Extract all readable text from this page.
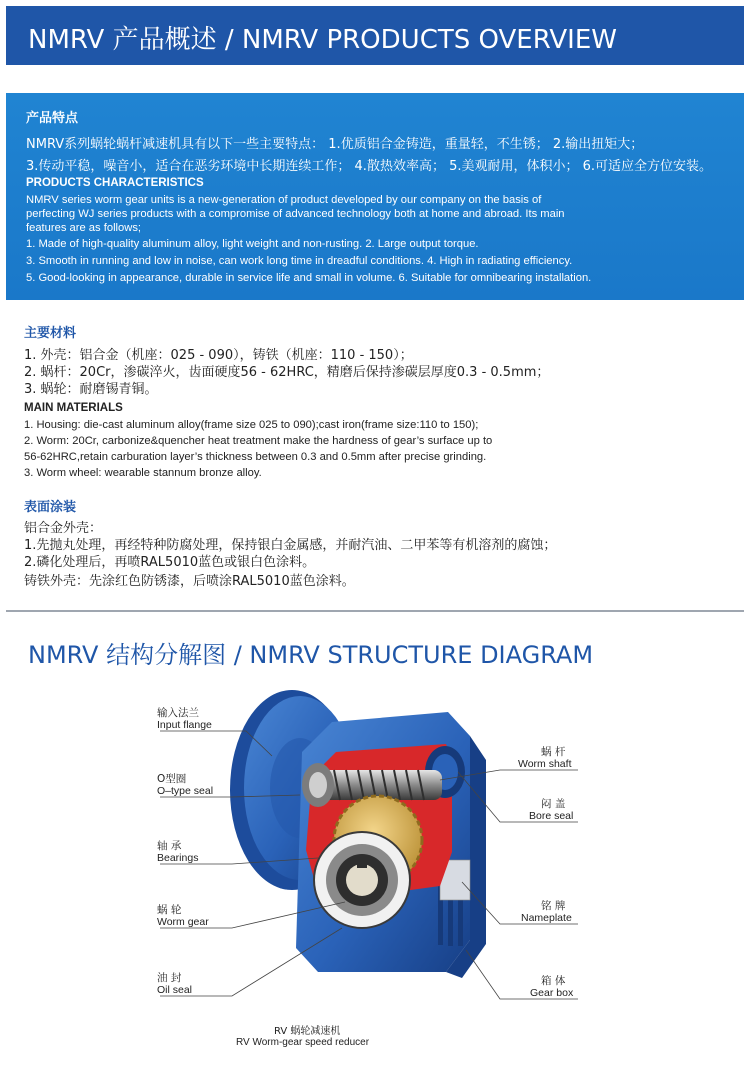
NMRV 产品概述 / NMRV PRODUCTS OVERVIEW
产品特点
NMRV系列蜗轮蜗杆减速机具有以下一些主要特点： 1.优质铝合金铸造，重量轻，不生锈； 2.输出扭矩大；
3.传动平稳，噪音小，适合在恶劣环境中长期连续工作； 4.散热效率高； 5.美观耐用，体积小； 6.可适应全方位安装。
PRODUCTS CHARACTERISTICS
NMRV series worm gear units is a new-generation of product developed by our company on the basis of
perfecting WJ series products with a compromise of advanced technology both at home and abroad. Its main
features are as follows;
1. Made of high-quality aluminum alloy, light weight and non-rusting. 2. Large output torque.
3. Smooth in running and low in noise, can work long time in dreadful conditions. 4. High in radiating efficiency.
5. Good-looking in appearance, durable in service life and small in volume. 6. Suitable for omnibearing installation.
主要材料
1. 外壳：铝合金（机座：025 - 090），铸铁（机座：110 - 150）；
2. 蜗杆：20Cr，渗碳淬火，齿面硬度56 - 62HRC，精磨后保持渗碳层厚度0.3 - 0.5mm；
3. 蜗轮：耐磨锡青铜。
MAIN MATERIALS
1. Housing: die-cast aluminum alloy(frame size 025 to 090);cast iron(frame size:110 to 150);
2. Worm: 20Cr, carbonize&quencher heat treatment make the hardness of gear’s surface up to
56-62HRC,retain carburation layer’s thickness between 0.3 and 0.5mm after precise grinding.
3. Worm wheel: wearable stannum bronze alloy.
表面涂装
铝合金外壳：
1.先抛丸处理，再经特种防腐处理，保持银白金属感，并耐汽油、二甲苯等有机溶剂的腐蚀；
2.磷化处理后，再喷RAL5010蓝色或银白色涂料。
铸铁外壳：先涂红色防锈漆，后喷涂RAL5010蓝色涂料。
NMRV 结构分解图 / NMRV STRUCTURE DIAGRAM
输入法兰
Input flange
O型圈
O–type seal
轴 承
Bearings
蜗 轮
Worm gear
油 封
Oil seal
蜗 杆
Worm shaft
闷 盖
Bore seal
铭 牌
Nameplate
箱 体
Gear box
RV 蜗轮减速机
RV Worm-gear speed reducer
